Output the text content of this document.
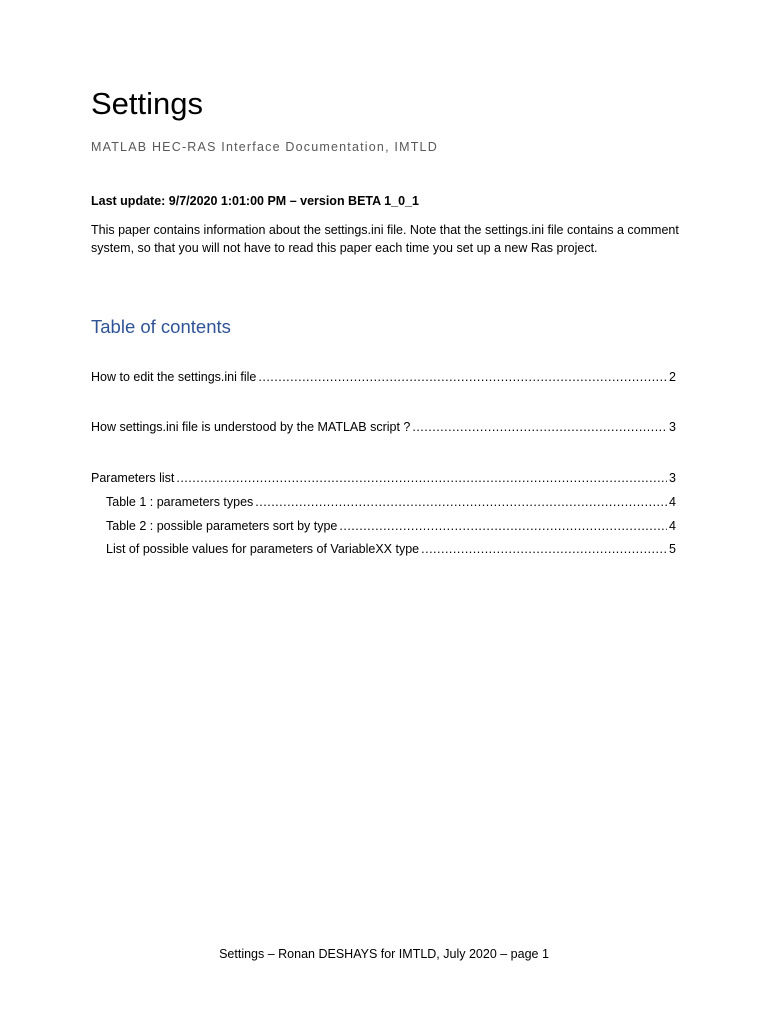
Settings

MATLAB HEC-RAS Interface Documentation, IMTLD

Last update: 9/7/2020 1:01:00 PM – version BETA 1_0_1

This paper contains information about the settings.ini file. Note that the settings.ini file contains a comment system, so that you will not have to read this paper each time you set up a new Ras project.

Table of contents
How to edit the settings.ini file .....	2
How settings.ini file is understood by the MATLAB script ? .....	3
Parameters list .....	3
Table 1 : parameters types .....	4
Table 2 : possible parameters sort by type .....	4
List of possible values for parameters of VariableXX type .....	5

Settings – Ronan DESHAYS for IMTLD, July 2020 – page 1
